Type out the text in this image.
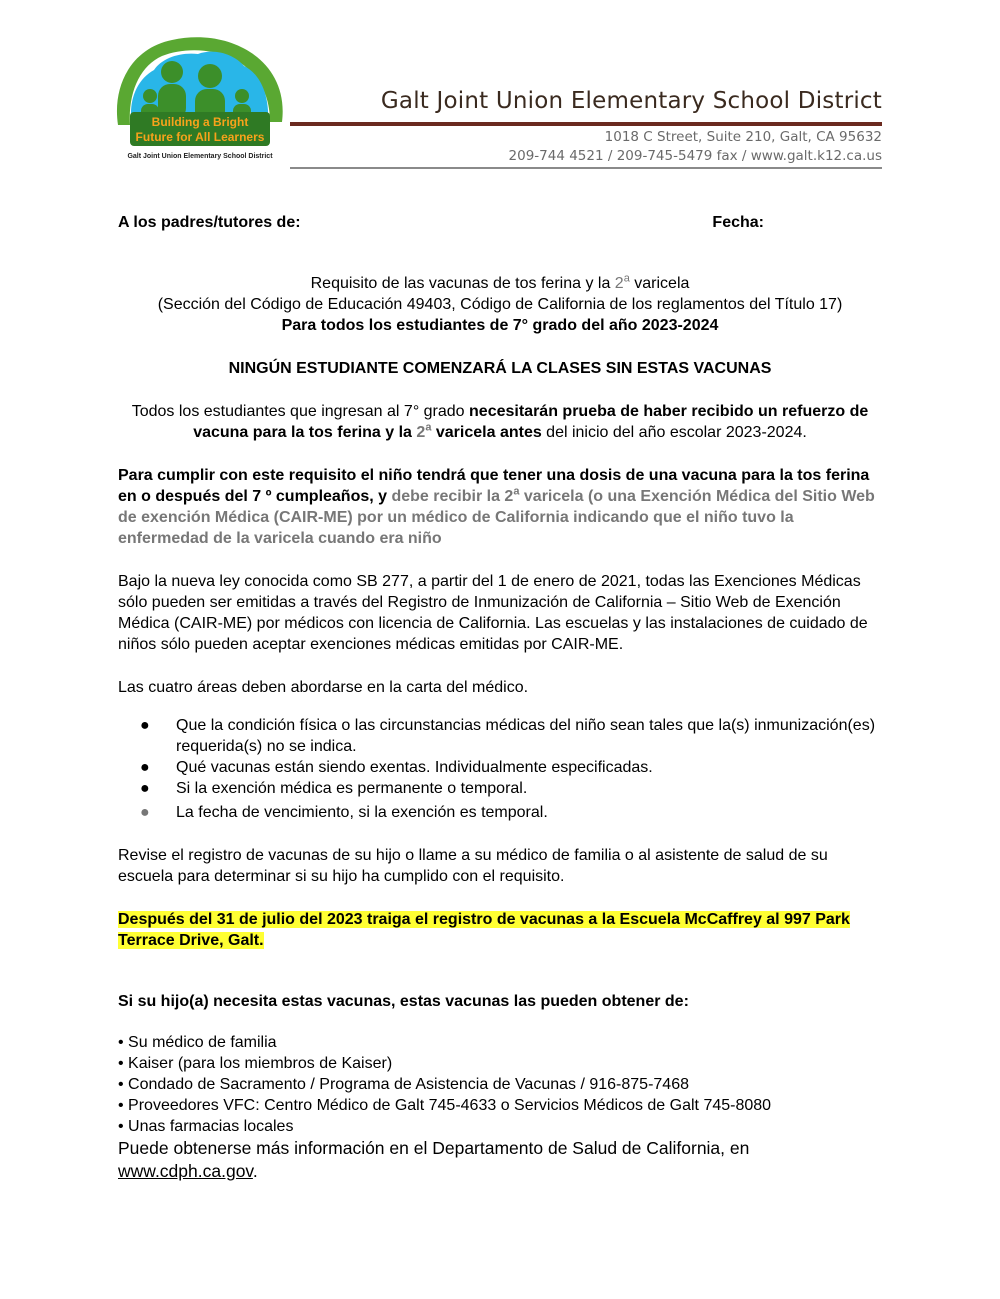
Building a Bright
Future for All Learners
Galt Joint Union Elementary School District
Galt Joint Union Elementary School District
1018 C Street, Suite 210, Galt, CA 95632
209-744 4521 / 209-745-5479 fax / www.galt.k12.ca.us
A los padres/tutores de:	Fecha:

Requisito de las vacunas de tos ferina y la 2$^a$ varicela

(Sección del Código de Educación 49403, Código de California de los reglamentos del Título 17)

Para todos los estudiantes de 7° grado del año 2023-2024

NINGÚN ESTUDIANTE COMENZARÁ LA CLASES SIN ESTAS VACUNAS

Todos los estudiantes que ingresan al 7° grado necesitarán prueba de haber recibido un refuerzo de vacuna para la tos ferina y la 2$^a$ varicela antes del inicio del año escolar 2023-2024.

Para cumplir con este requisito el niño tendrá que tener una dosis de una vacuna para la tos ferina en o después del 7 º cumpleaños, y debe recibir la 2$^a$ varicela (o una Exención Médica del Sitio Web de exención Médica (CAIR-ME) por un médico de California indicando que el niño tuvo la enfermedad de la varicela cuando era niño

Bajo la nueva ley conocida como SB 277, a partir del 1 de enero de 2021, todas las Exenciones Médicas sólo pueden ser emitidas a través del Registro de Inmunización de California – Sitio Web de Exención Médica (CAIR-ME) por médicos con licencia de California. Las escuelas y las instalaciones de cuidado de niños sólo pueden aceptar exenciones médicas emitidas por CAIR-ME.

Las cuatro áreas deben abordarse en la carta del médico.

● Que la condición física o las circunstancias médicas del niño sean tales que la(s) inmunización(es) requerida(s) no se indica.
● Qué vacunas están siendo exentas. Individualmente especificadas.
● Si la exención médica es permanente o temporal.
● La fecha de vencimiento, si la exención es temporal.

Revise el registro de vacunas de su hijo o llame a su médico de familia o al asistente de salud de su escuela para determinar si su hijo ha cumplido con el requisito.

Después del 31 de julio del 2023 traiga el registro de vacunas a la Escuela McCaffrey al 997 Park Terrace Drive, Galt.

Si su hijo(a) necesita estas vacunas, estas vacunas las pueden obtener de:

• Su médico de familia

• Kaiser (para los miembros de Kaiser)

• Condado de Sacramento / Programa de Asistencia de Vacunas / 916-875-7468

• Proveedores VFC: Centro Médico de Galt 745-4633 o Servicios Médicos de Galt 745-8080

• Unas farmacias locales

Puede obtenerse más información en el Departamento de Salud de California, en
www.cdph.ca.gov.
